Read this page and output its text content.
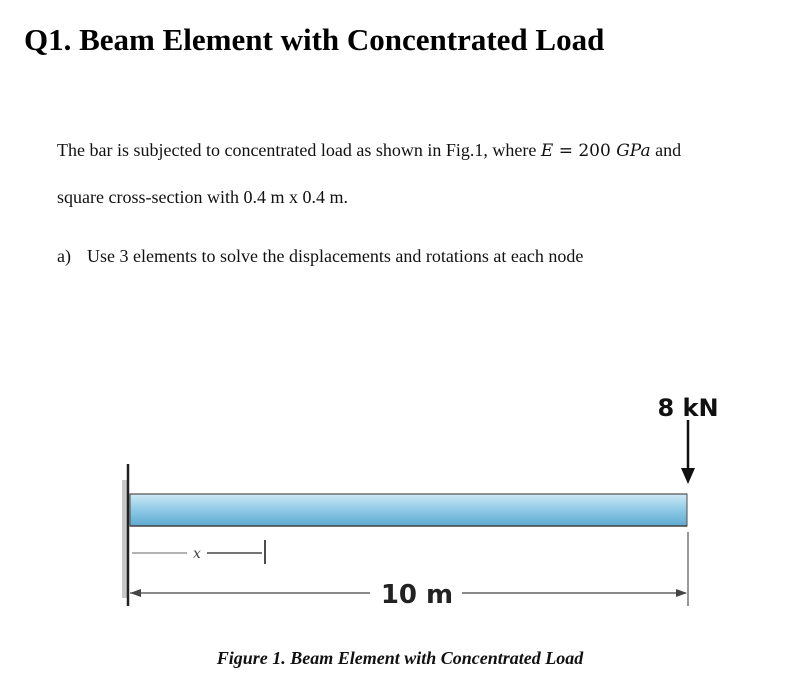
Q1. Beam Element with Concentrated Load

The bar is subjected to concentrated load as shown in Fig.1, where E = 200 GPa and

square cross-section with 0.4 m x 0.4 m.

a) Use 3 elements to solve the displacements and rotations at each node

8 kN
x
10 m

Figure 1. Beam Element with Concentrated Load
